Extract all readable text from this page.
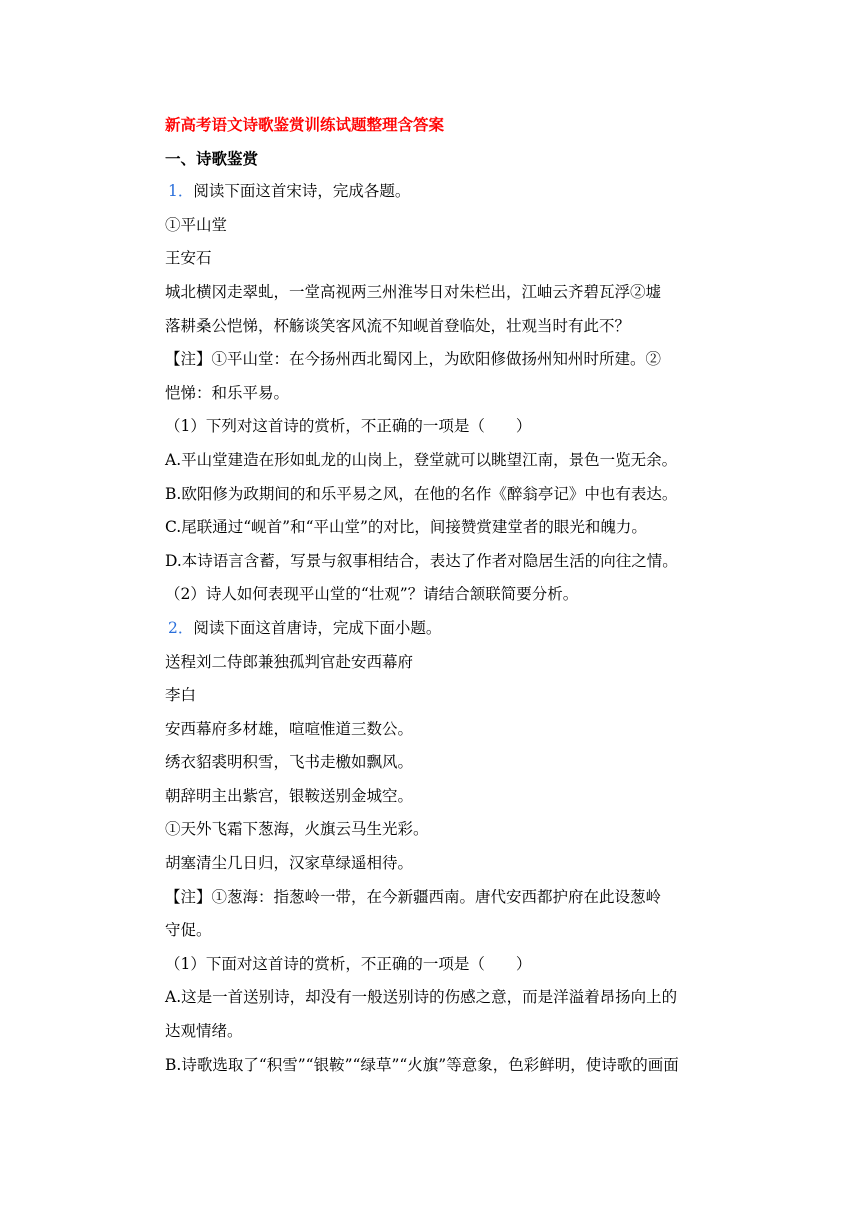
新高考语文诗歌鉴赏训练试题整理含答案
一、诗歌鉴赏
1．阅读下面这首宋诗，完成各题。
①平山堂
王安石
城北横冈走翠虬，一堂高视两三州淮岑日对朱栏出，江岫云齐碧瓦浮②墟
落耕桑公恺悌，杯觞谈笑客风流不知岘首登临处，壮观当时有此不？
【注】①平山堂：在今扬州西北蜀冈上，为欧阳修做扬州知州时所建。②
恺悌：和乐平易。
（1）下列对这首诗的赏析，不正确的一项是（　　）
A.平山堂建造在形如虬龙的山岗上，登堂就可以眺望江南，景色一览无余。
B.欧阳修为政期间的和乐平易之风，在他的名作《醉翁亭记》中也有表达。
C.尾联通过“岘首”和“平山堂”的对比，间接赞赏建堂者的眼光和魄力。
D.本诗语言含蓄，写景与叙事相结合，表达了作者对隐居生活的向往之情。
（2）诗人如何表现平山堂的“壮观”？请结合颔联简要分析。
2．阅读下面这首唐诗，完成下面小题。
送程刘二侍郎兼独孤判官赴安西幕府
李白
安西幕府多材雄，喧喧惟道三数公。
绣衣貂裘明积雪，飞书走檄如飘风。
朝辞明主出紫宫，银鞍送别金城空。
①天外飞霜下葱海，火旗云马生光彩。
胡塞清尘几日归，汉家草绿遥相待。
【注】①葱海：指葱岭一带，在今新疆西南。唐代安西都护府在此设葱岭
守促。
（1）下面对这首诗的赏析，不正确的一项是（　　）
A.这是一首送别诗，却没有一般送别诗的伤感之意，而是洋溢着昂扬向上的
达观情绪。
B.诗歌选取了“积雪”“银鞍”“绿草”“火旗”等意象，色彩鲜明，使诗歌的画面
